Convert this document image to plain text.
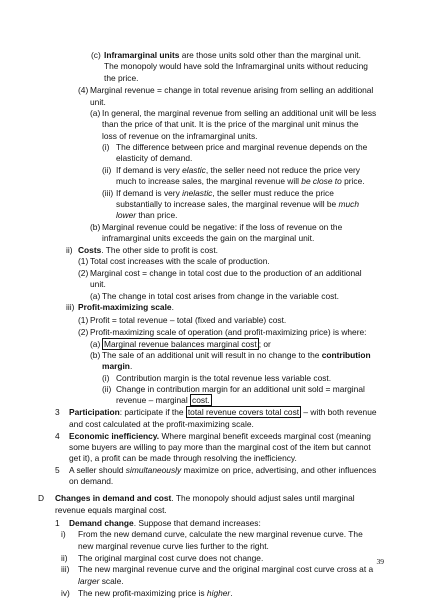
(c) Inframarginal units are those units sold other than the marginal unit.
The monopoly would have sold the Inframarginal units without reducing
the price.
(4) Marginal revenue = change in total revenue arising from selling an additional
unit.
(a) In general, the marginal revenue from selling an additional unit will be less
than the price of that unit. It is the price of the marginal unit minus the
loss of revenue on the inframarginal units.
(i) The difference between price and marginal revenue depends on the
elasticity of demand.
(ii) If demand is very elastic, the seller need not reduce the price very
much to increase sales, the marginal revenue will be close to price.
(iii) If demand is very inelastic, the seller must reduce the price
substantially to increase sales, the marginal revenue will be much
lower than price.
(b) Marginal revenue could be negative: if the loss of revenue on the
inframarginal units exceeds the gain on the marginal unit.
ii) Costs. The other side to profit is cost.
(1) Total cost increases with the scale of production.
(2) Marginal cost = change in total cost due to the production of an additional
unit.
(a) The change in total cost arises from change in the variable cost.
iii) Profit-maximizing scale.
(1) Profit = total revenue – total (fixed and variable) cost.
(2) Profit-maximizing scale of operation (and profit-maximizing price) is where:
(a) Marginal revenue balances marginal cost ; or
(b) The sale of an additional unit will result in no change to the contribution
margin.
(i) Contribution margin is the total revenue less variable cost.
(ii) Change in contribution margin for an additional unit sold = marginal
revenue – marginal cost.
3 Participation: participate if the total revenue covers total cost – with both revenue
and cost calculated at the profit-maximizing scale.
4 Economic inefficiency. Where marginal benefit exceeds marginal cost (meaning
some buyers are willing to pay more than the marginal cost of the item but cannot
get it), a profit can be made through resolving the inefficiency.
5 A seller should simultaneously maximize on price, advertising, and other influences
on demand.
D Changes in demand and cost. The monopoly should adjust sales until marginal
revenue equals marginal cost.
1 Demand change. Suppose that demand increases:
i) From the new demand curve, calculate the new marginal revenue curve. The
new marginal revenue curve lies further to the right.
ii) The original marginal cost curve does not change.
iii) The new marginal revenue curve and the original marginal cost curve cross at a
larger scale.
iv) The new profit-maximizing price is higher.
39
